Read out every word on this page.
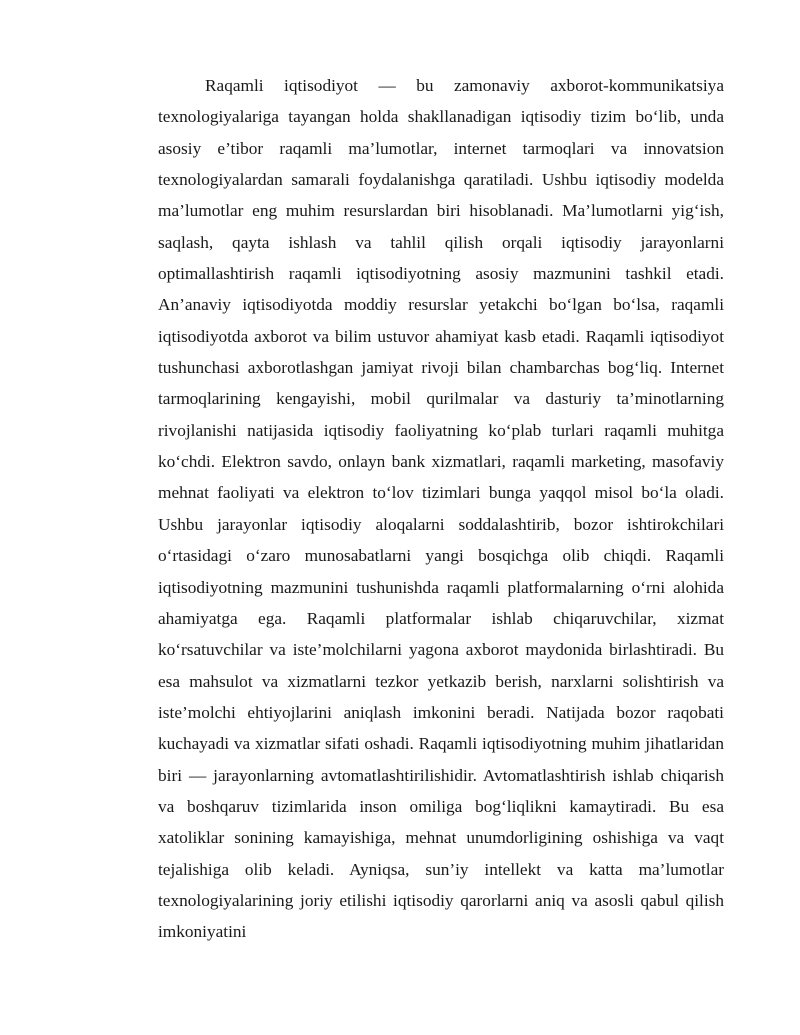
Raqamli iqtisodiyot — bu zamonaviy axborot-kommunikatsiya texnologiyalariga tayangan holda shakllanadigan iqtisodiy tizim bo‘lib, unda asosiy e’tibor raqamli ma’lumotlar, internet tarmoqlari va innovatsion texnologiyalardan samarali foydalanishga qaratiladi. Ushbu iqtisodiy modelda ma’lumotlar eng muhim resurslardan biri hisoblanadi. Ma’lumotlarni yig‘ish, saqlash, qayta ishlash va tahlil qilish orqali iqtisodiy jarayonlarni optimallashtirish raqamli iqtisodiyotning asosiy mazmunini tashkil etadi. An’anaviy iqtisodiyotda moddiy resurslar yetakchi bo‘lgan bo‘lsa, raqamli iqtisodiyotda axborot va bilim ustuvor ahamiyat kasb etadi. Raqamli iqtisodiyot tushunchasi axborotlashgan jamiyat rivoji bilan chambarchas bog‘liq. Internet tarmoqlarining kengayishi, mobil qurilmalar va dasturiy ta’minotlarning rivojlanishi natijasida iqtisodiy faoliyatning ko‘plab turlari raqamli muhitga ko‘chdi. Elektron savdo, onlayn bank xizmatlari, raqamli marketing, masofaviy mehnat faoliyati va elektron to‘lov tizimlari bunga yaqqol misol bo‘la oladi. Ushbu jarayonlar iqtisodiy aloqalarni soddalashtirib, bozor ishtirokchilari o‘rtasidagi o‘zaro munosabatlarni yangi bosqichga olib chiqdi. Raqamli iqtisodiyotning mazmunini tushunishda raqamli platformalarning o‘rni alohida ahamiyatga ega. Raqamli platformalar ishlab chiqaruvchilar, xizmat ko‘rsatuvchilar va iste’molchilarni yagona axborot maydonida birlashtiradi. Bu esa mahsulot va xizmatlarni tezkor yetkazib berish, narxlarni solishtirish va iste’molchi ehtiyojlarini aniqlash imkonini beradi. Natijada bozor raqobati kuchayadi va xizmatlar sifati oshadi. Raqamli iqtisodiyotning muhim jihatlaridan biri — jarayonlarning avtomatlashtirilishidir. Avtomatlashtirish ishlab chiqarish va boshqaruv tizimlarida inson omiliga bog‘liqlikni kamaytiradi. Bu esa xatoliklar sonining kamayishiga, mehnat unumdorligining oshishiga va vaqt tejalishiga olib keladi. Ayniqsa, sun’iy intellekt va katta ma’lumotlar texnologiyalarining joriy etilishi iqtisodiy qarorlarni aniq va asosli qabul qilish imkoniyatini
